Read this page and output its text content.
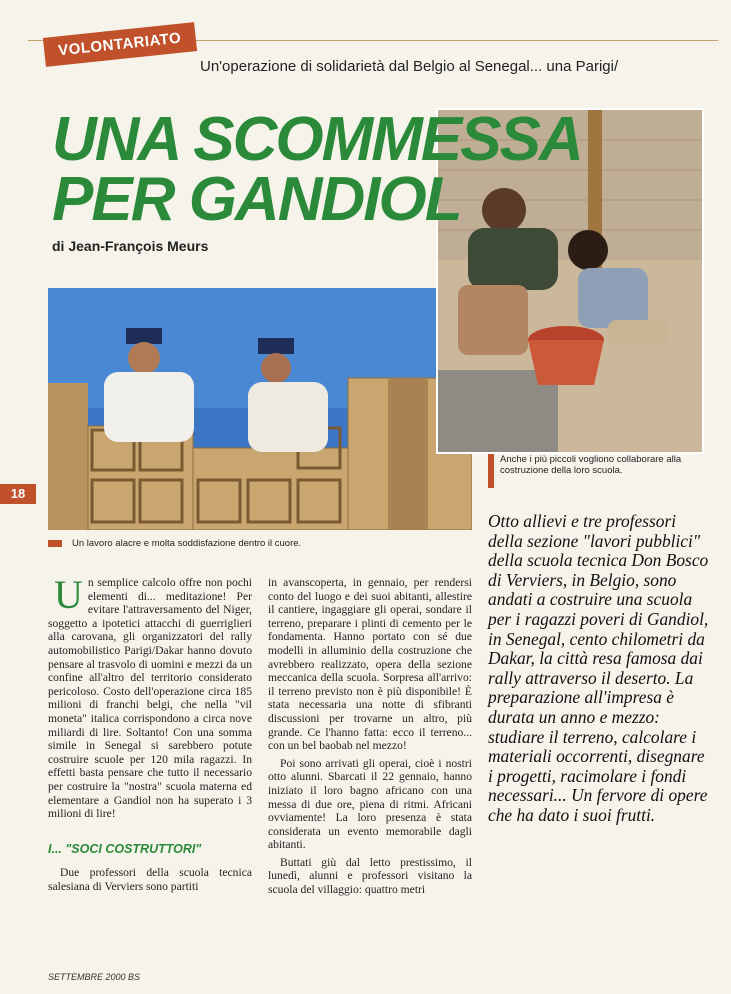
VOLONTARIATO
Un'operazione di solidarietà dal Belgio al Senegal... una Parigi/
UNA SCOMMESSA
PER GANDIOL
di Jean-François Meurs
18
Un lavoro alacre e molta soddisfazione dentro il cuore.
Anche i più piccoli vogliono collaborare alla costruzione della loro scuola.

Un semplice calcolo offre non pochi elementi di... meditazione! Per evitare l'attraversamento del Niger, soggetto a ipotetici attacchi di guerriglieri alla carovana, gli organizzatori del rally automobilistico Parigi/Dakar hanno dovuto pensare al trasvolo di uomini e mezzi da un confine all'altro del territorio considerato pericoloso. Costo dell'operazione circa 185 milioni di franchi belgi, che nella "vil moneta" italica corrispondono a circa nove miliardi di lire. Soltanto! Con una somma simile in Senegal si sarebbero potute costruire scuole per 120 mila ragazzi. In effetti basta pensare che tutto il necessario per costruire la "nostra" scuola materna ed elementare a Gandiol non ha superato i 3 milioni di lire!

I... "SOCI COSTRUTTORI"

Due professori della scuola tecnica salesiana di Verviers sono partiti

in avanscoperta, in gennaio, per rendersi conto del luogo e dei suoi abitanti, allestire il cantiere, ingaggiare gli operai, sondare il terreno, preparare i plinti di cemento per le fondamenta. Hanno portato con sé due modelli in alluminio della costruzione che avrebbero realizzato, opera della sezione meccanica della scuola. Sorpresa all'arrivo: il terreno previsto non è più disponibile! È stata necessaria una notte di sfibranti discussioni per trovarne un altro, più grande. Ce l'hanno fatta: ecco il terreno... con un bel baobab nel mezzo!

Poi sono arrivati gli operai, cioè i nostri otto alunni. Sbarcati il 22 gennaio, hanno iniziato il loro bagno africano con una messa di due ore, piena di ritmi. Africani ovviamente! La loro presenza è stata considerata un evento memorabile dagli abitanti.

Buttati giù dal letto prestissimo, il lunedì, alunni e professori visitano la scuola del villaggio: quattro metri

Otto allievi e tre professori della sezione "lavori pubblici" della scuola tecnica Don Bosco di Verviers, in Belgio, sono andati a costruire una scuola per i ragazzi poveri di Gandiol, in Senegal, cento chilometri da Dakar, la città resa famosa dai rally attraverso il deserto. La preparazione all'impresa è durata un anno e mezzo: studiare il terreno, calcolare i materiali occorrenti, disegnare i progetti, racimolare i fondi necessari... Un fervore di opere che ha dato i suoi frutti.
SETTEMBRE 2000 BS
